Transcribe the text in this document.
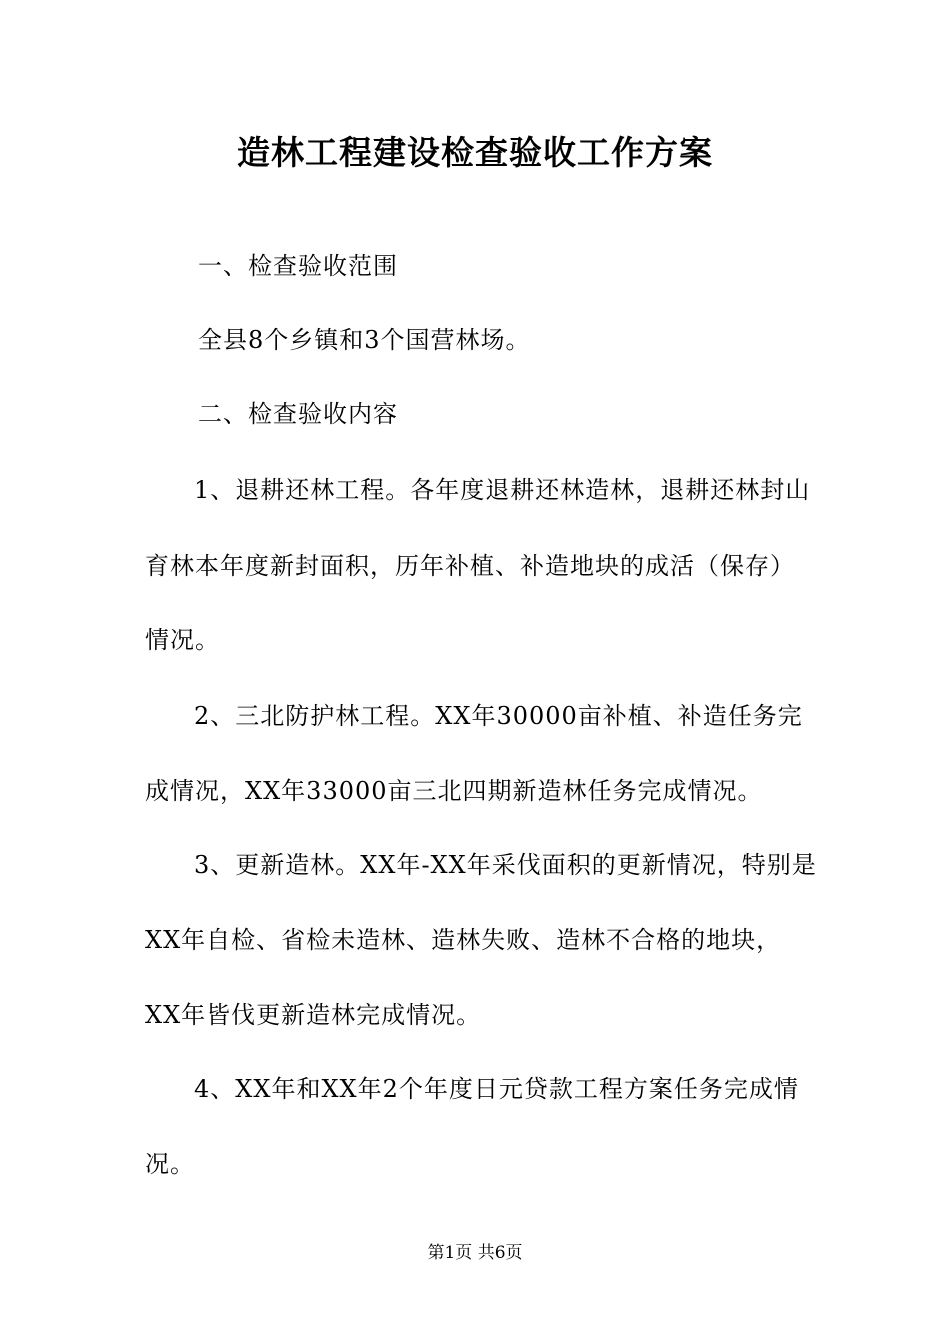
造林工程建设检查验收工作方案
一、检查验收范围
全县8个乡镇和3个国营林场。
二、检查验收内容
1、退耕还林工程。各年度退耕还林造林，退耕还林封山
育林本年度新封面积，历年补植、补造地块的成活（保存）
情况。
2、三北防护林工程。XX年30000亩补植、补造任务完
成情况，XX年33000亩三北四期新造林任务完成情况。
3、更新造林。XX年-XX年采伐面积的更新情况，特别是
XX年自检、省检未造林、造林失败、造林不合格的地块，
XX年皆伐更新造林完成情况。
4、XX年和XX年2个年度日元贷款工程方案任务完成情
况。
第1页 共6页
